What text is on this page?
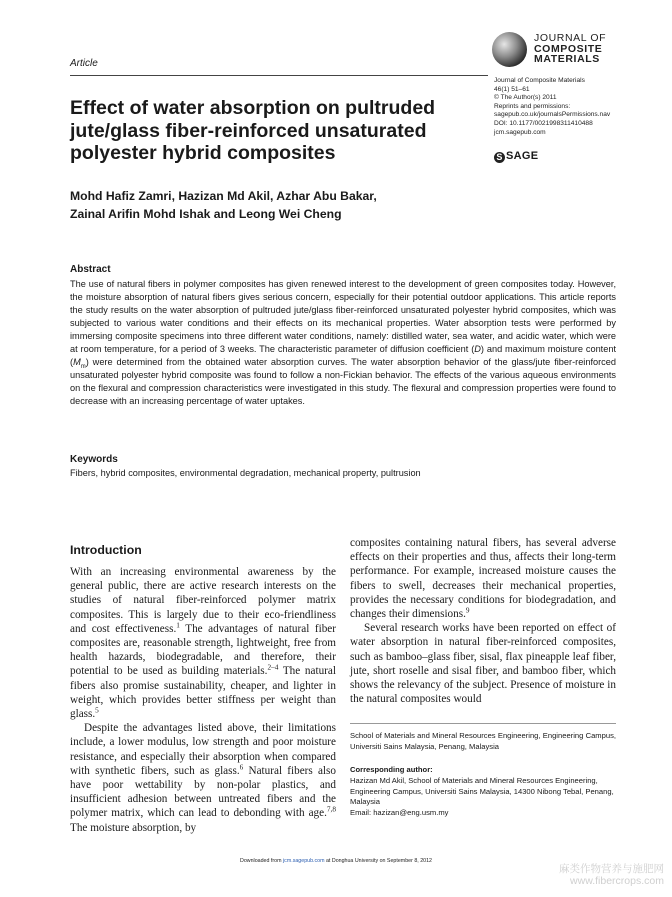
Article
JOURNAL OF
COMPOSITE
MATERIALS
Journal of Composite Materials
46(1) 51–61
© The Author(s) 2011
Reprints and permissions:
sagepub.co.uk/journalsPermissions.nav
DOI: 10.1177/0021998311410488
jcm.sagepub.com
S SAGE
Effect of water absorption on pultruded jute/glass fiber-reinforced unsaturated polyester hybrid composites
Mohd Hafiz Zamri, Hazizan Md Akil, Azhar Abu Bakar,
Zainal Arifin Mohd Ishak and Leong Wei Cheng
Abstract
The use of natural fibers in polymer composites has given renewed interest to the development of green composites today. However, the moisture absorption of natural fibers gives serious concern, especially for their potential outdoor applications. This article reports the study results on the water absorption of pultruded jute/glass fiber-reinforced unsaturated polyester hybrid composites, which was subjected to various water conditions and their effects on its mechanical properties. Water absorption tests were performed by immersing composite specimens into three different water conditions, namely: distilled water, sea water, and acidic water, which were at room temperature, for a period of 3 weeks. The characteristic parameter of diffusion coefficient (D) and maximum moisture content $(M_m)$ were determined from the obtained water absorption curves. The water absorption behavior of the glass/jute fiber-reinforced unsaturated polyester hybrid composite was found to follow a non-Fickian behavior. The effects of the various aqueous environments on the flexural and compression characteristics were investigated in this study. The flexural and compression properties were found to decrease with an increasing percentage of water uptakes.
Keywords
Fibers, hybrid composites, environmental degradation, mechanical property, pultrusion
Introduction

With an increasing environmental awareness by the general public, there are active research interests on the studies of natural fiber-reinforced polymer matrix composites. This is largely due to their eco-friendliness and cost effectiveness.$^1$ The advantages of natural fiber composites are, reasonable strength, lightweight, free from health hazards, biodegradable, and therefore, their potential to be used as building materials.$^{2-4}$ The natural fibers also promise sustainability, cheaper, and lighter in weight, which provides better stiffness per weight than glass.$^5$

Despite the advantages listed above, their limitations include, a lower modulus, low strength and poor moisture resistance, and especially their absorption when compared with synthetic fibers, such as glass.$^6$ Natural fibers also have poor wettability by non-polar plastics, and insufficient adhesion between untreated fibers and the polymer matrix, which can lead to debonding with age.$^{7,8}$ The moisture absorption, by

composites containing natural fibers, has several adverse effects on their properties and thus, affects their long-term performance. For example, increased moisture causes the fibers to swell, decreases their mechanical properties, provides the necessary conditions for biodegradation, and changes their dimensions.$^9$

Several research works have been reported on effect of water absorption in natural fiber-reinforced composites, such as bamboo–glass fiber, sisal, flax pineapple leaf fiber, jute, short roselle and sisal fiber, and bamboo fiber, which shows the relevancy of the subject. Presence of moisture in the natural composites would

School of Materials and Mineral Resources Engineering, Engineering Campus, Universiti Sains Malaysia, Penang, Malaysia
Corresponding author:
Hazizan Md Akil, School of Materials and Mineral Resources Engineering, Engineering Campus, Universiti Sains Malaysia, 14300 Nibong Tebal, Penang, Malaysia
Email: hazizan@eng.usm.my
Downloaded from jcm.sagepub.com at Donghua University on September 8, 2012
麻类作物营养与施肥网
www.fibercrops.com
